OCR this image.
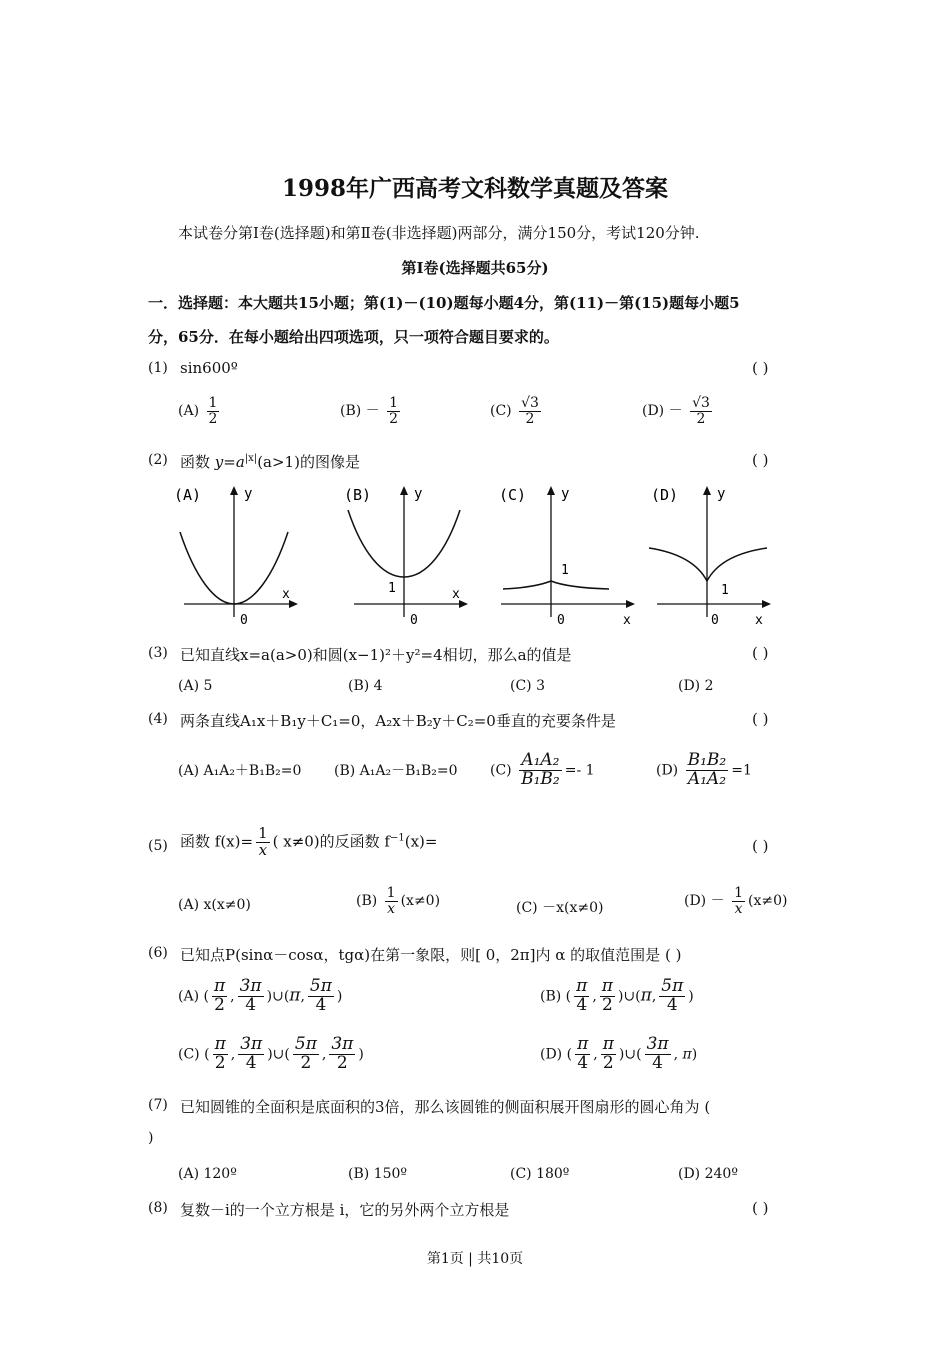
1998年广西高考文科数学真题及答案
本试卷分第Ⅰ卷(选择题)和第Ⅱ卷(非选择题)两部分，满分150分，考试120分钟.
第Ⅰ卷(选择题共65分)
一．选择题：本大题共15小题；第(1)－(10)题每小题4分，第(11)－第(15)题每小题5
分，65分．在每小题给出四项选项，只一项符合题目要求的。
(1) sin600º	( )
$(A) \frac{1}{2}$	$(B) - \frac{1}{2}$	$(C) \frac{√3}{2}$	$(D) - \frac{√3}{2}$
(2) 函数 $y=a^{|x|}(a>1)$的图像是	( )
(A)	y
x
0
(B)	y
x
0
1
(C) y
x
0
1
(D)	y
x
0
1
(3) 已知直线x=a(a>0)和圆(x−1)²＋y²=4相切，那么a的值是	( )
(A) 5	(B) 4	(C) 3	(D) 2
(4) 两条直线A₁x＋B₁y＋C₁=0，A₂x＋B₂y＋C₂=0垂直的充要条件是	( )
(A) A₁A₂＋B₁B₂=0 (B) A₁A₂－B₁B₂=0 $(C) \frac{\text{A₁A₂}}{\text{B₁B₂}} =- 1$	$(D) \frac{\text{B₁B₂}}{\text{A₁A₂}} =1$
(5) 函数 $f(x)= \frac{1}{x}$ ( x≠0)的反函数 $f^{-1}(x)=$	( )
(A) x(x≠0)	$(B) \frac{1}{x} (x\ne 0)$	(C) －x(x≠0)	$(D) - \frac{1}{x} (x\ne 0)$
(6) 已知点P(sinα－cosα，tgα)在第一象限，则[ 0，2π]内 α 的取值范围是 ( )
(A) ( $\frac{\pi}{2}$ , $\frac{3\pi}{4}$ )∪(π, $\frac{5\pi}{4}$ )	(B) ( $\frac{\pi}{4}$ , $\frac{\pi}{2}$ )∪(π, $\frac{5\pi}{4}$ )
(C) ( $\frac{\pi}{2}$ , $\frac{3\pi}{4}$ )∪( $\frac{5\pi}{2}$ , $\frac{3\pi}{2}$ )	(D) ( $\frac{\pi}{4}$ , $\frac{\pi}{2}$ )∪( $\frac{3\pi}{4}$ , π)
(7) 已知圆锥的全面积是底面积的3倍，那么该圆锥的侧面积展开图扇形的圆心角为 (
)
(A) 120º	(B) 150º	(C) 180º	(D) 240º
(8) 复数－i的一个立方根是 i，它的另外两个立方根是	( )
第1页 | 共10页
